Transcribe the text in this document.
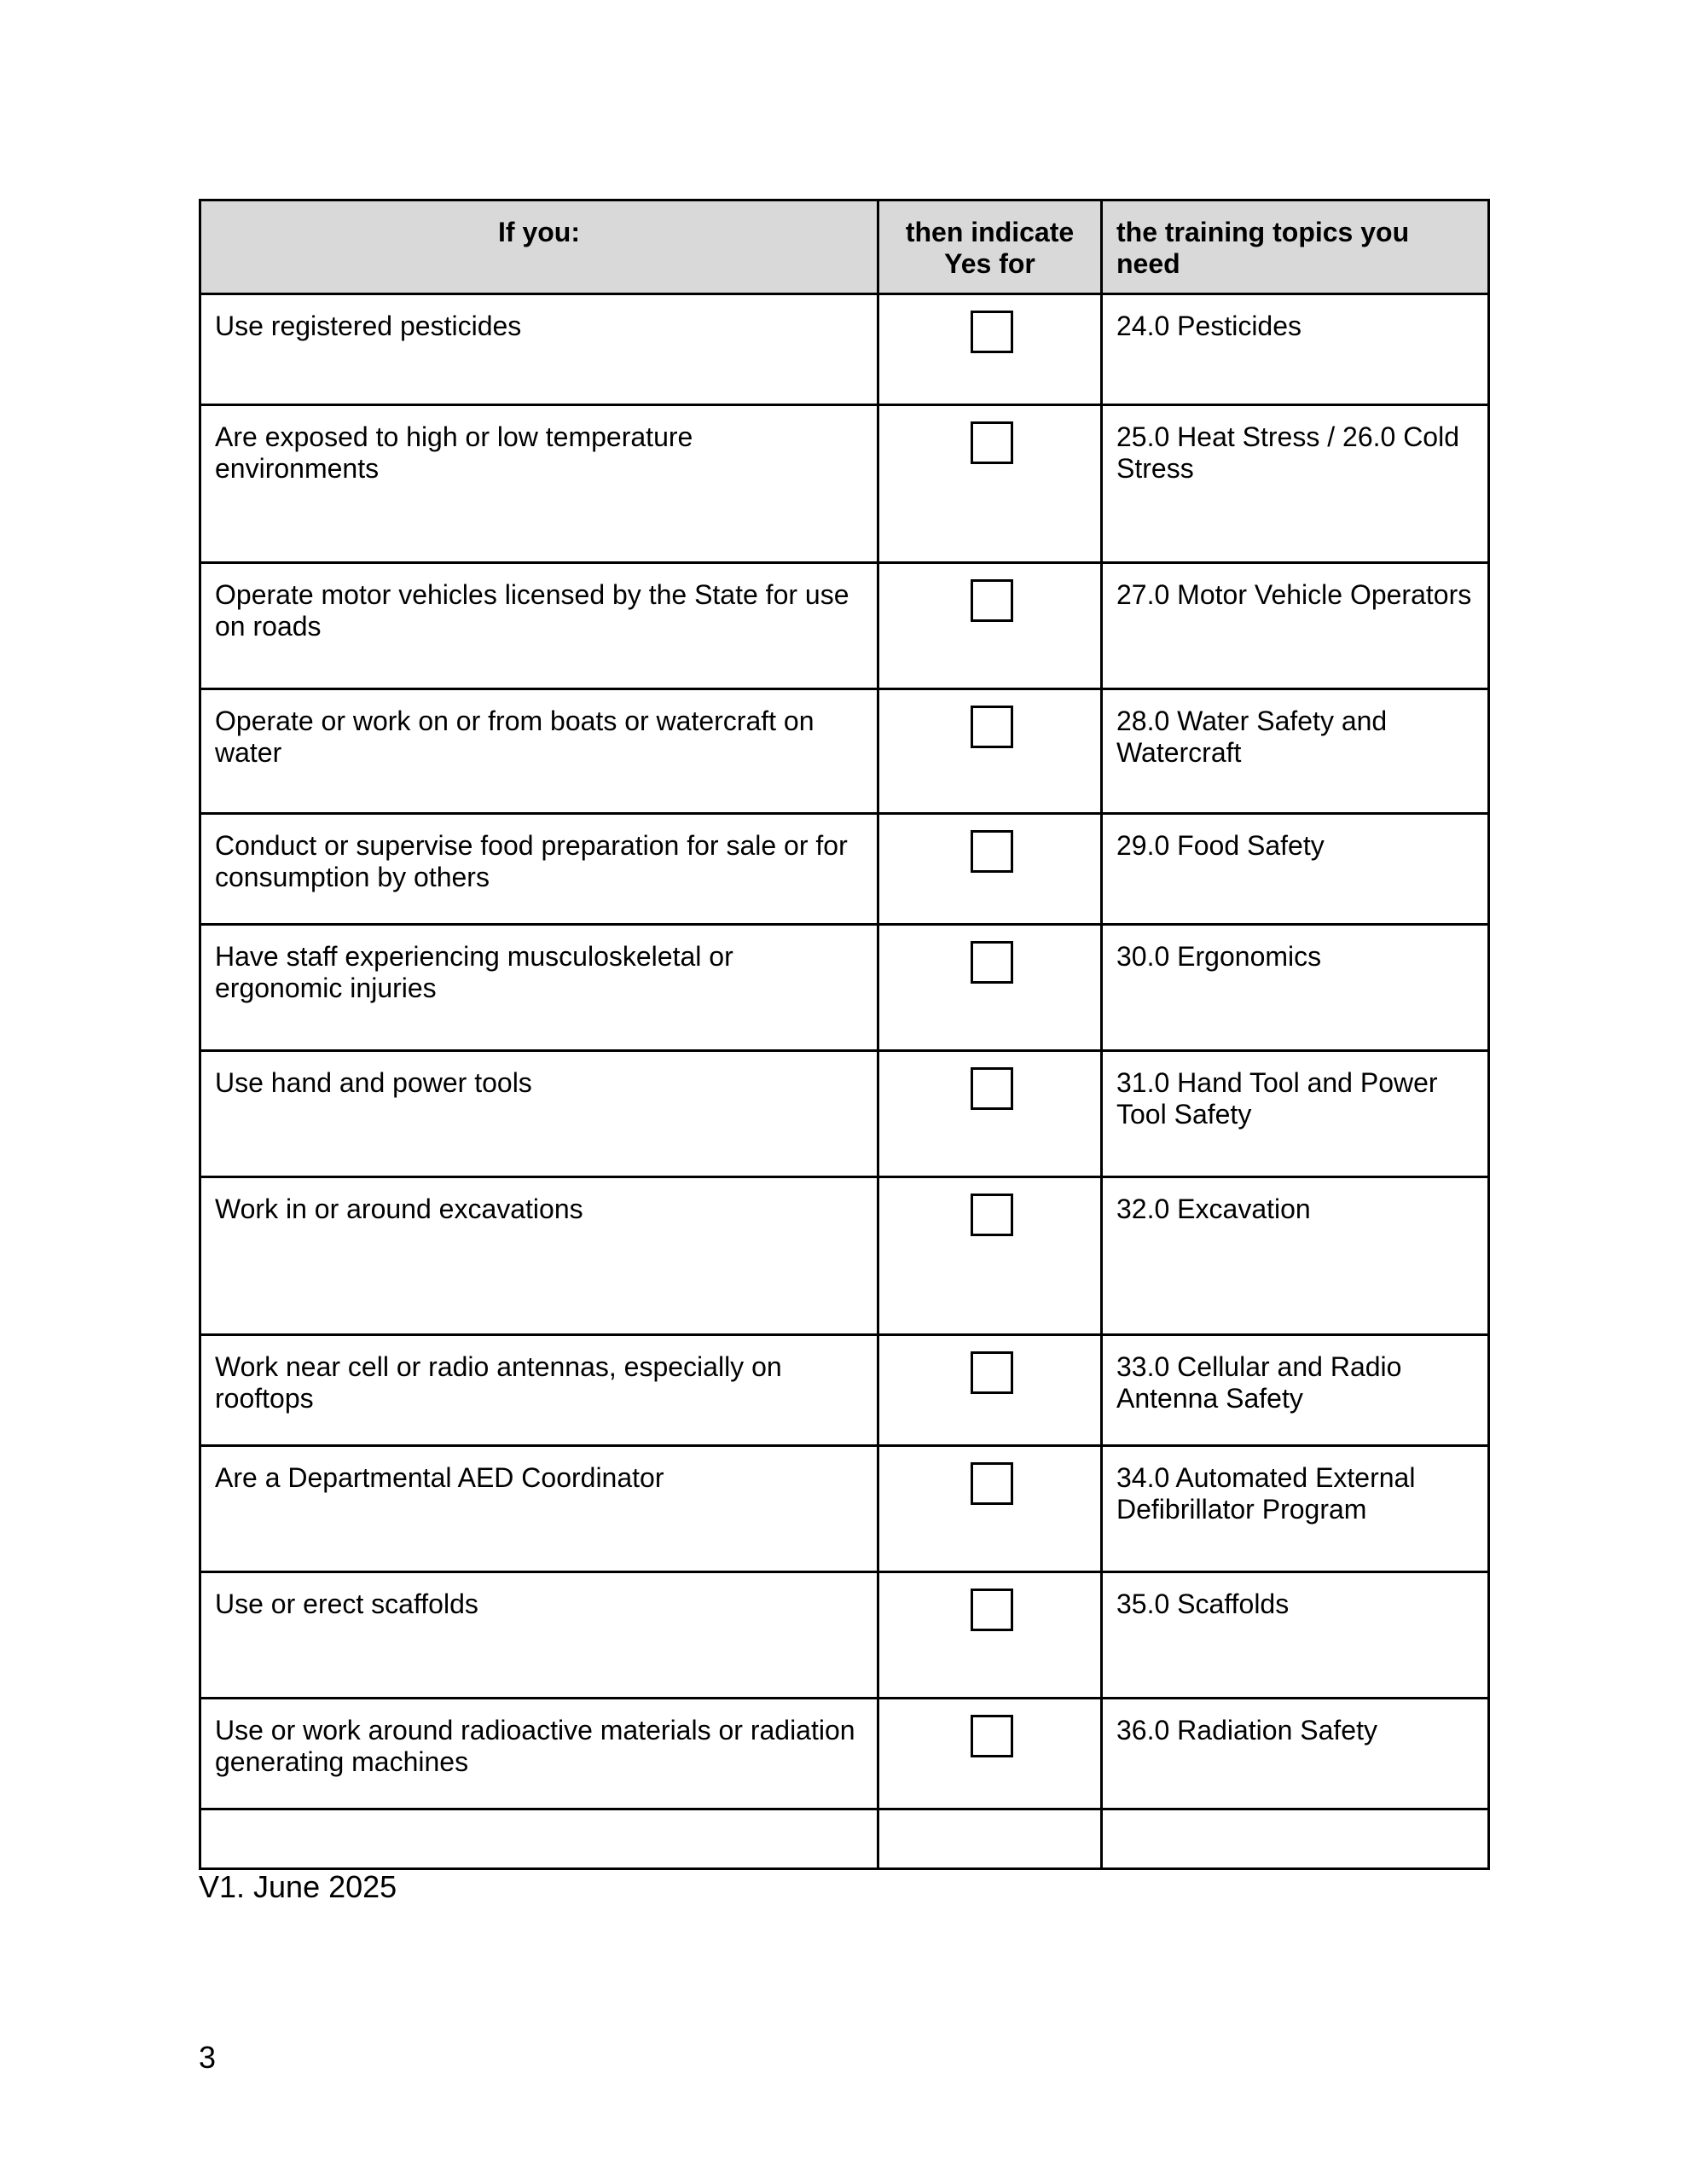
If you:	then indicate Yes for	the training topics you need
Use registered pesticides		24.0 Pesticides
Are exposed to high or low temperature environments		25.0 Heat Stress / 26.0 Cold Stress
Operate motor vehicles licensed by the State for use on roads		27.0 Motor Vehicle Operators
Operate or work on or from boats or watercraft on water		28.0 Water Safety and Watercraft
Conduct or supervise food preparation for sale or for consumption by others		29.0 Food Safety
Have staff experiencing musculoskeletal or ergonomic injuries		30.0 Ergonomics
Use hand and power tools		31.0 Hand Tool and Power Tool Safety
Work in or around excavations		32.0 Excavation
Work near cell or radio antennas, especially on rooftops		33.0 Cellular and Radio Antenna Safety
Are a Departmental AED Coordinator		34.0 Automated External Defibrillator Program
Use or erect scaffolds		35.0 Scaffolds
Use or work around radioactive materials or radiation generating machines		36.0 Radiation Safety

V1. June 2025
3
